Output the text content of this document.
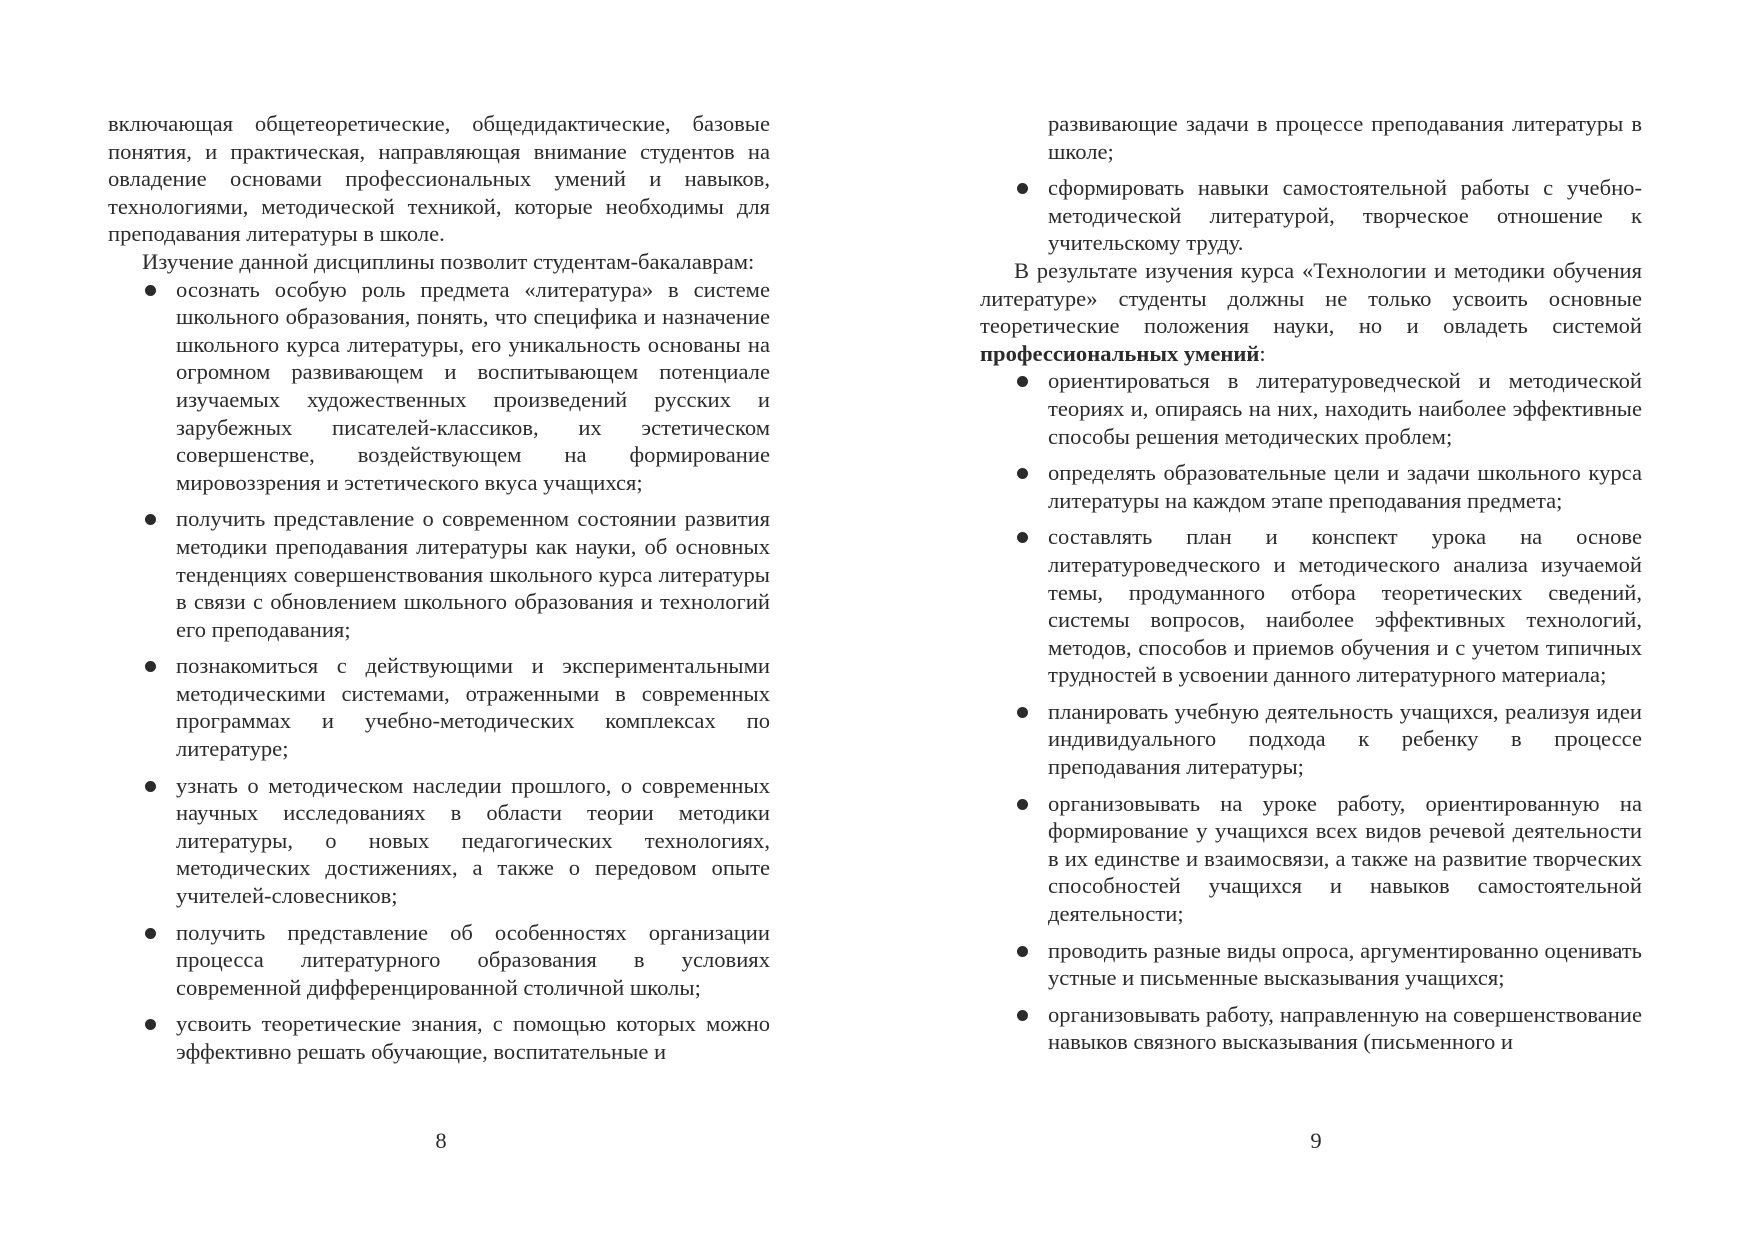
включающая общетеоретические, общедидактические, базовые понятия, и практическая, направляющая внимание студентов на овладение основами профессиональных умений и навыков, технологиями, методической техникой, которые необходимы для преподавания литературы в школе.

Изучение данной дисциплины позволит студентам-бакалаврам:

осознать особую роль предмета «литература» в системе школьного образования, понять, что специфика и назначение школьного курса литературы, его уникальность основаны на огромном развивающем и воспитывающем потенциале изучаемых художественных произведений русских и зарубежных писателей-классиков, их эстетическом совершенстве, воздействующем на формирование мировоззрения и эстетического вкуса учащихся;
получить представление о современном состоянии развития методики преподавания литературы как науки, об основных тенденциях совершенствования школьного курса литературы в связи с обновлением школьного образования и технологий его преподавания;
познакомиться с действующими и экспериментальными методическими системами, отраженными в современных программах и учебно-методических комплексах по литературе;
узнать о методическом наследии прошлого, о современных научных исследованиях в области теории методики литературы, о новых педагогических технологиях, методических достижениях, а также о передовом опыте учителей-словесников;
получить представление об особенностях организации процесса литературного образования в условиях современной дифференцированной столичной школы;
усвоить теоретические знания, с помощью которых можно эффективно решать обучающие, воспитательные и
8
развивающие задачи в процессе преподавания литературы в школе;
сформировать навыки самостоятельной работы с учебно-методической литературой, творческое отношение к учительскому труду.

В результате изучения курса «Технологии и методики обучения литературе» студенты должны не только усвоить основные теоретические положения науки, но и овладеть системой профессиональных умений:

ориентироваться в литературоведческой и методической теориях и, опираясь на них, находить наиболее эффективные способы решения методических проблем;
определять образовательные цели и задачи школьного курса литературы на каждом этапе преподавания предмета;
составлять план и конспект урока на основе литературоведческого и методического анализа изучаемой темы, продуманного отбора теоретических сведений, системы вопросов, наиболее эффективных технологий, методов, способов и приемов обучения и с учетом типичных трудностей в усвоении данного литературного материала;
планировать учебную деятельность учащихся, реализуя идеи индивидуального подхода к ребенку в процессе преподавания литературы;
организовывать на уроке работу, ориентированную на формирование у учащихся всех видов речевой деятельности в их единстве и взаимосвязи, а также на развитие творческих способностей учащихся и навыков самостоятельной деятельности;
проводить разные виды опроса, аргументированно оценивать устные и письменные высказывания учащихся;
организовывать работу, направленную на совершенствование навыков связного высказывания (письменного и
9
